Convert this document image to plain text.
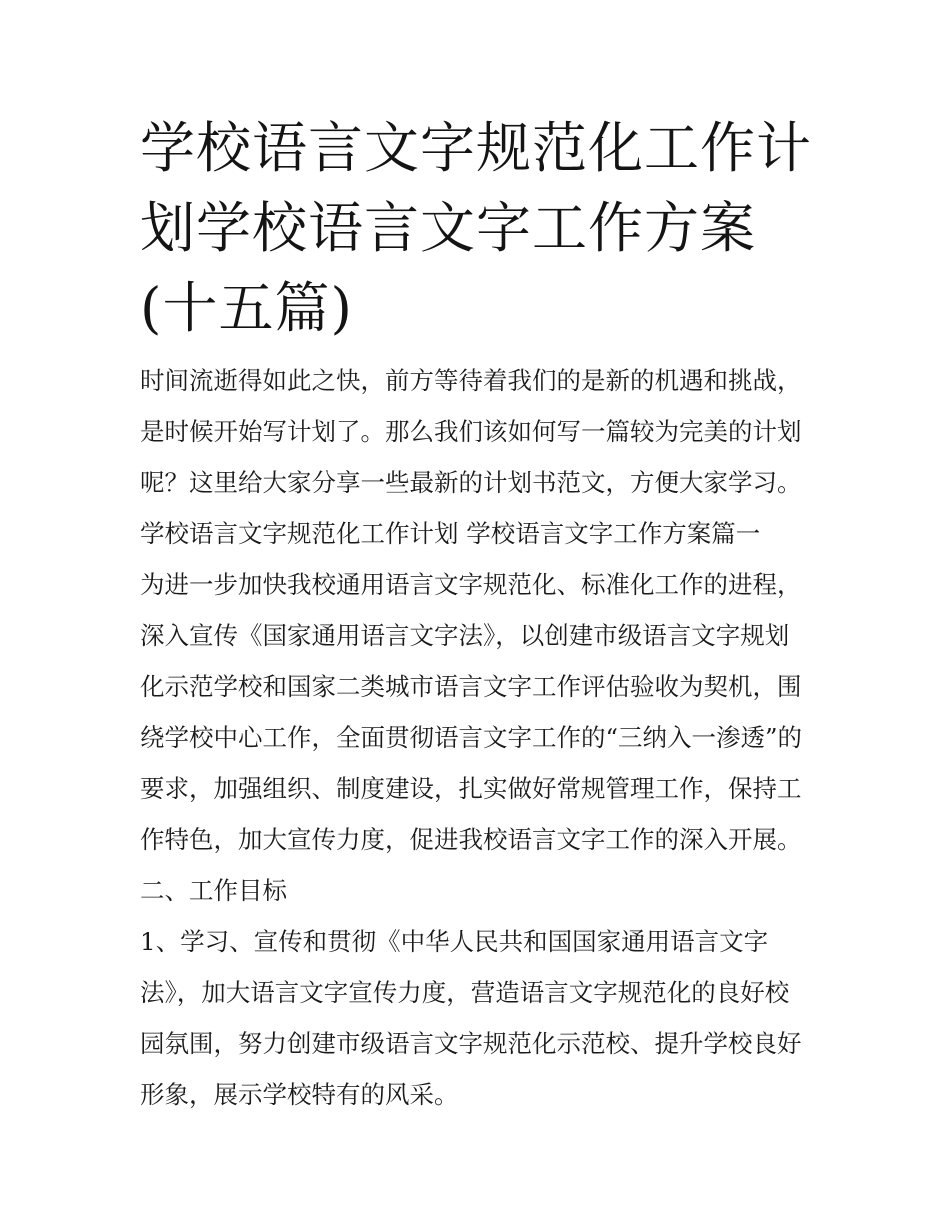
学校语言文字规范化工作计划学校语言文字工作方案(十五篇)
时间流逝得如此之快，前方等待着我们的是新的机遇和挑战，
是时候开始写计划了。那么我们该如何写一篇较为完美的计划
呢？这里给大家分享一些最新的计划书范文，方便大家学习。
学校语言文字规范化工作计划 学校语言文字工作方案篇一
为进一步加快我校通用语言文字规范化、标准化工作的进程，
深入宣传《国家通用语言文字法》，以创建市级语言文字规划
化示范学校和国家二类城市语言文字工作评估验收为契机，围
绕学校中心工作，全面贯彻语言文字工作的“三纳入一渗透”的
要求，加强组织、制度建设，扎实做好常规管理工作，保持工
作特色，加大宣传力度，促进我校语言文字工作的深入开展。
二、工作目标
1、学习、宣传和贯彻《中华人民共和国国家通用语言文字
法》，加大语言文字宣传力度，营造语言文字规范化的良好校
园氛围，努力创建市级语言文字规范化示范校、提升学校良好
形象，展示学校特有的风采。
